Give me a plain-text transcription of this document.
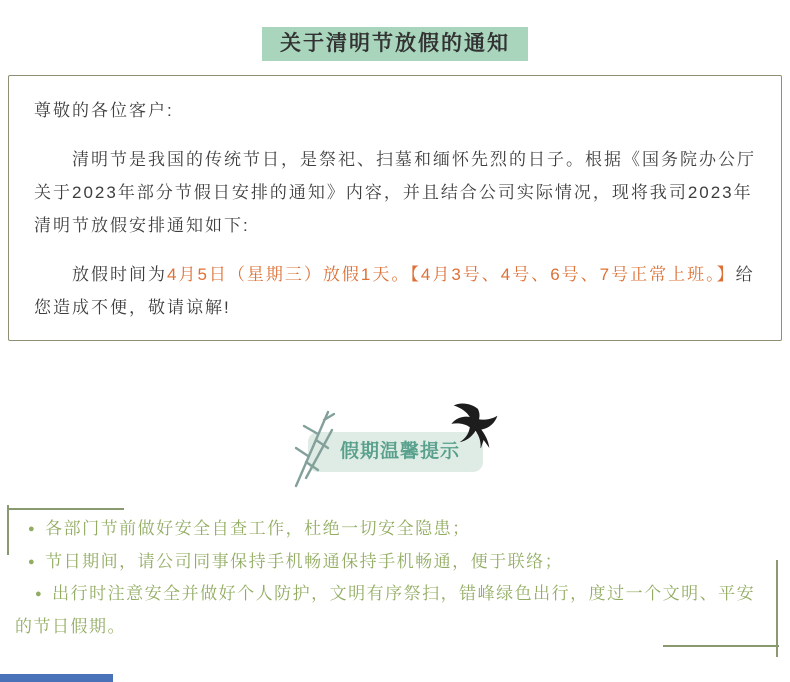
关于清明节放假的通知

尊敬的各位客户:

清明节是我国的传统节日，是祭祀、扫墓和缅怀先烈的日子。根据《国务院办公厅关于2023年部分节假日安排的通知》内容，并且结合公司实际情况，现将我司2023年清明节放假安排通知如下:

放假时间为4月5日（星期三）放假1天。【4月3号、4号、6号、7号正常上班。】给您造成不便，敬请谅解!

假期温馨提示

● 各部门节前做好安全自查工作，杜绝一切安全隐患；

● 节日期间，请公司同事保持手机畅通保持手机畅通，便于联络；

● 出行时注意安全并做好个人防护，文明有序祭扫，错峰绿色出行，度过一个文明、平安的节日假期。
